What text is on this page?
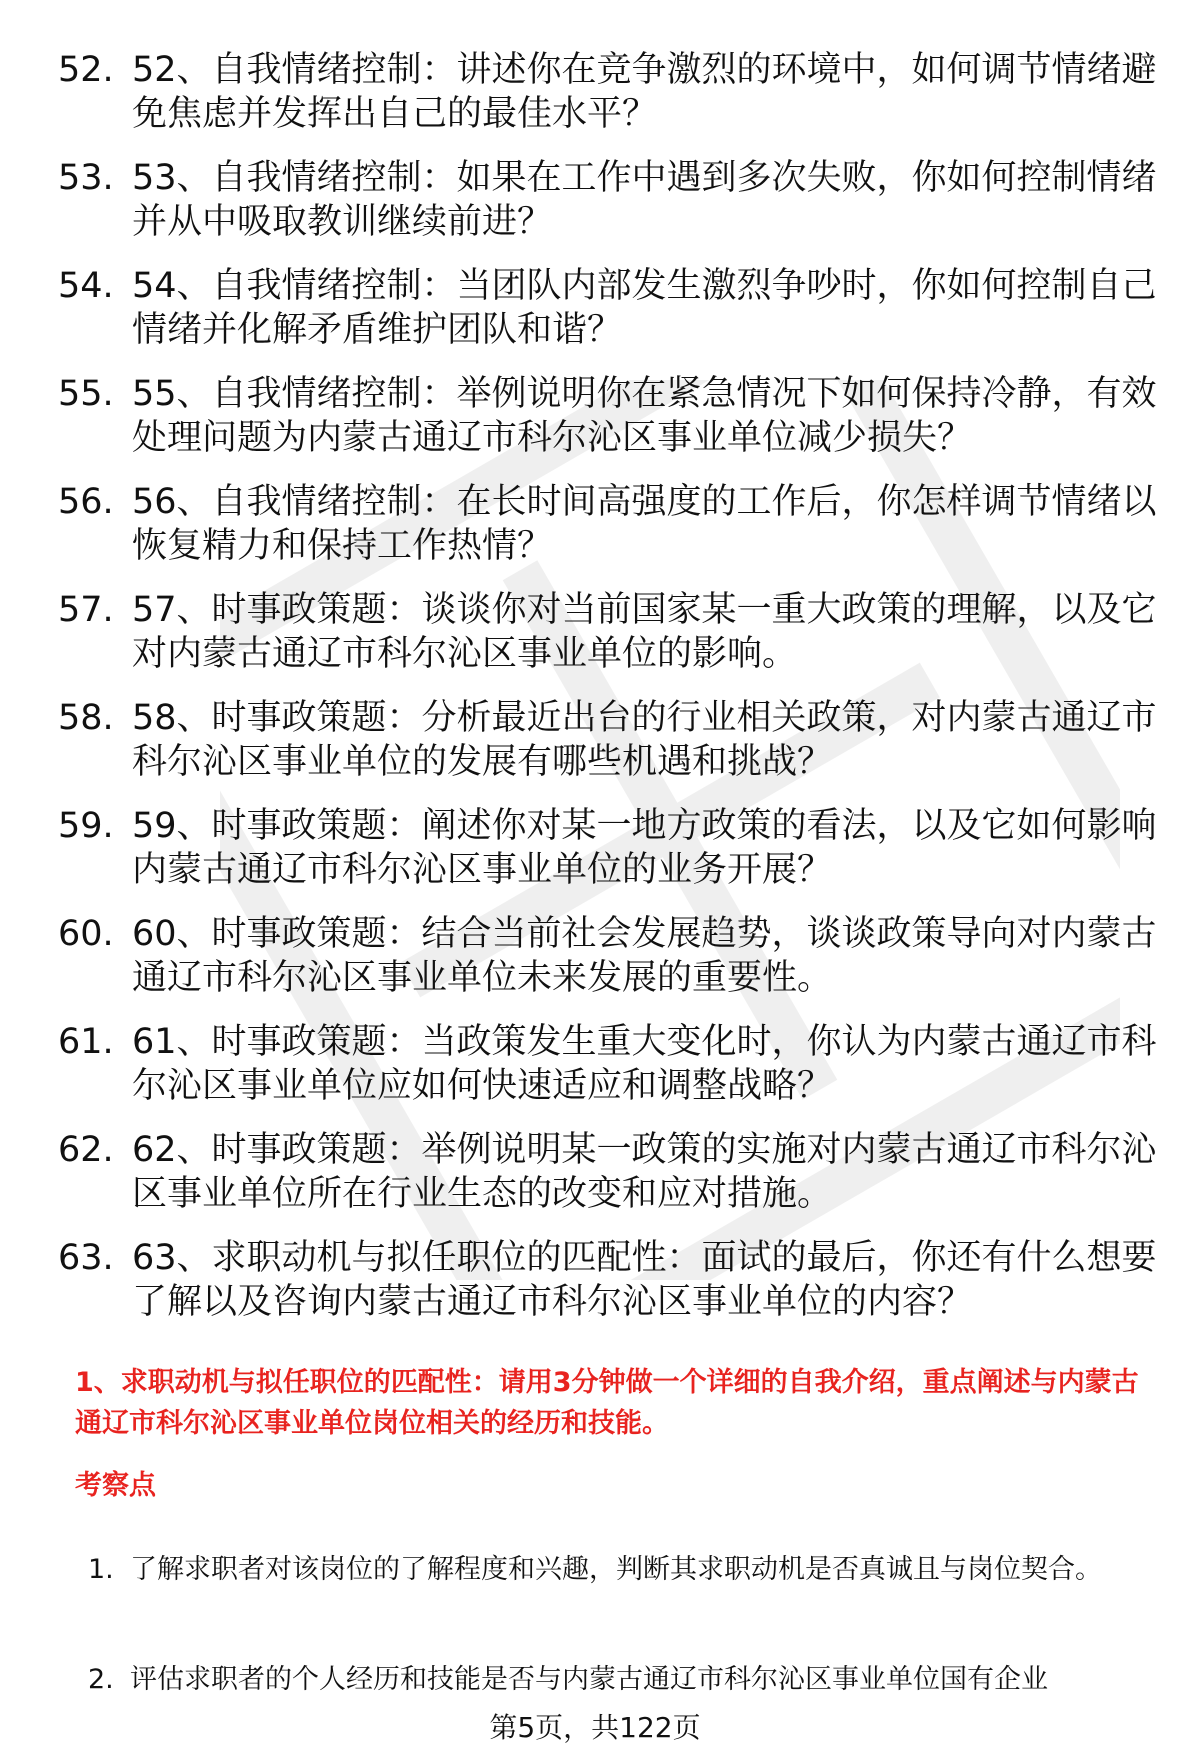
52. 52、自我情绪控制：讲述你在竞争激烈的环境中，如何调节情绪避免焦虑并发挥出自己的最佳水平？
53. 53、自我情绪控制：如果在工作中遇到多次失败，你如何控制情绪并从中吸取教训继续前进？
54. 54、自我情绪控制：当团队内部发生激烈争吵时，你如何控制自己情绪并化解矛盾维护团队和谐？
55. 55、自我情绪控制：举例说明你在紧急情况下如何保持冷静，有效处理问题为内蒙古通辽市科尔沁区事业单位减少损失？
56. 56、自我情绪控制：在长时间高强度的工作后，你怎样调节情绪以恢复精力和保持工作热情？
57. 57、时事政策题：谈谈你对当前国家某一重大政策的理解，以及它对内蒙古通辽市科尔沁区事业单位的影响。
58. 58、时事政策题：分析最近出台的行业相关政策，对内蒙古通辽市科尔沁区事业单位的发展有哪些机遇和挑战？
59. 59、时事政策题：阐述你对某一地方政策的看法，以及它如何影响内蒙古通辽市科尔沁区事业单位的业务开展？
60. 60、时事政策题：结合当前社会发展趋势，谈谈政策导向对内蒙古通辽市科尔沁区事业单位未来发展的重要性。
61. 61、时事政策题：当政策发生重大变化时，你认为内蒙古通辽市科尔沁区事业单位应如何快速适应和调整战略？
62. 62、时事政策题：举例说明某一政策的实施对内蒙古通辽市科尔沁区事业单位所在行业生态的改变和应对措施。
63. 63、求职动机与拟任职位的匹配性：面试的最后，你还有什么想要了解以及咨询内蒙古通辽市科尔沁区事业单位的内容？

1、求职动机与拟任职位的匹配性：请用3分钟做一个详细的自我介绍，重点阐述与内蒙古通辽市科尔沁区事业单位岗位相关的经历和技能。

考察点

1. 了解求职者对该岗位的了解程度和兴趣，判断其求职动机是否真诚且与岗位契合。
2. 评估求职者的个人经历和技能是否与内蒙古通辽市科尔沁区事业单位国有企业
第5页，共122页
